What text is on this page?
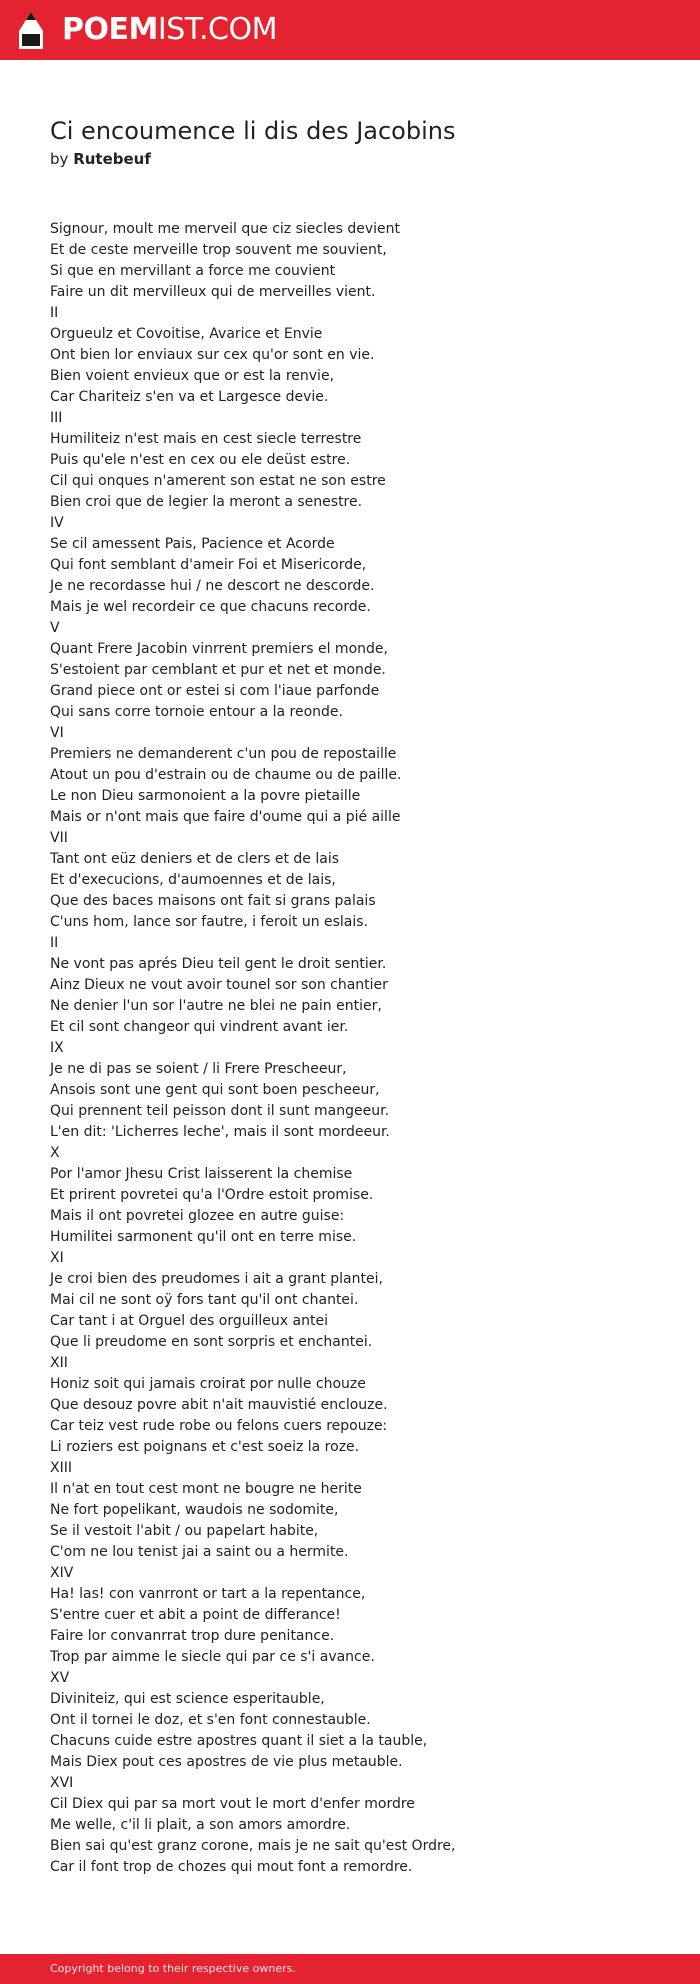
POEMIST.COM
Ci encoumence li dis des Jacobins
by Rutebeuf
Signour, moult me merveil que ciz siecles devient
Et de ceste merveille trop souvent me souvient,
Si que en mervillant a force me couvient
Faire un dit mervilleux qui de merveilles vient.
II
Orgueulz et Covoitise, Avarice et Envie
Ont bien lor enviaux sur cex qu'or sont en vie.
Bien voient envieux que or est la renvie,
Car Chariteiz s'en va et Largesce devie.
III
Humiliteiz n'est mais en cest siecle terrestre
Puis qu'ele n'est en cex ou ele deüst estre.
Cil qui onques n'amerent son estat ne son estre
Bien croi que de legier la meront a senestre.
IV
Se cil amessent Pais, Pacience et Acorde
Qui font semblant d'ameir Foi et Misericorde,
Je ne recordasse hui / ne descort ne descorde.
Mais je wel recordeir ce que chacuns recorde.
V
Quant Frere Jacobin vinrrent premiers el monde,
S'estoient par cemblant et pur et net et monde.
Grand piece ont or estei si com l'iaue parfonde
Qui sans corre tornoie entour a la reonde.
VI
Premiers ne demanderent c'un pou de repostaille
Atout un pou d'estrain ou de chaume ou de paille.
Le non Dieu sarmonoient a la povre pietaille
Mais or n'ont mais que faire d'oume qui a pié aille
VII
Tant ont eüz deniers et de clers et de lais
Et d'execucions, d'aumoennes et de lais,
Que des baces maisons ont fait si grans palais
C'uns hom, lance sor fautre, i feroit un eslais.
II
Ne vont pas aprés Dieu teil gent le droit sentier.
Ainz Dieux ne vout avoir tounel sor son chantier
Ne denier l'un sor l'autre ne blei ne pain entier,
Et cil sont changeor qui vindrent avant ier.
IX
Je ne di pas se soient / li Frere Prescheeur,
Ansois sont une gent qui sont boen pescheeur,
Qui prennent teil peisson dont il sunt mangeeur.
L'en dit: 'Licherres leche', mais il sont mordeeur.
X
Por l'amor Jhesu Crist laisserent la chemise
Et prirent povretei qu'a l'Ordre estoit promise.
Mais il ont povretei glozee en autre guise:
Humilitei sarmonent qu'il ont en terre mise.
XI
Je croi bien des preudomes i ait a grant plantei,
Mai cil ne sont oÿ fors tant qu'il ont chantei.
Car tant i at Orguel des orguilleux antei
Que li preudome en sont sorpris et enchantei.
XII
Honiz soit qui jamais croirat por nulle chouze
Que desouz povre abit n'ait mauvistié enclouze.
Car teiz vest rude robe ou felons cuers repouze:
Li roziers est poignans et c'est soeiz la roze.
XIII
Il n'at en tout cest mont ne bougre ne herite
Ne fort popelikant, waudois ne sodomite,
Se il vestoit l'abit / ou papelart habite,
C'om ne lou tenist jai a saint ou a hermite.
XIV
Ha! las! con vanrront or tart a la repentance,
S'entre cuer et abit a point de differance!
Faire lor convanrrat trop dure penitance.
Trop par aimme le siecle qui par ce s'i avance.
XV
Diviniteiz, qui est science esperitauble,
Ont il tornei le doz, et s'en font connestauble.
Chacuns cuide estre apostres quant il siet a la tauble,
Mais Diex pout ces apostres de vie plus metauble.
XVI
Cil Diex qui par sa mort vout le mort d'enfer mordre
Me welle, c'il li plait, a son amors amordre.
Bien sai qu'est granz corone, mais je ne sait qu'est Ordre,
Car il font trop de chozes qui mout font a remordre.
Copyright belong to their respective owners.
